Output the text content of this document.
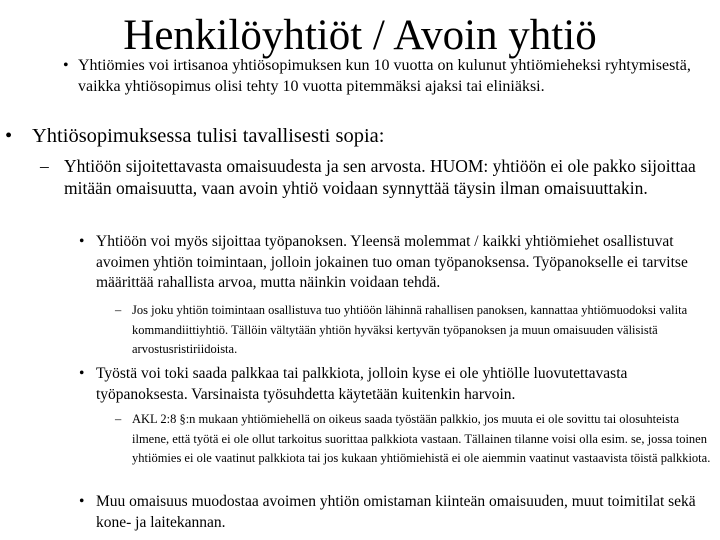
Henkilöyhtiöt / Avoin yhtiö
• Yhtiömies voi irtisanoa yhtiösopimuksen kun 10 vuotta on kulunut yhtiömieheksi ryhtymisestä, vaikka yhtiösopimus olisi tehty 10 vuotta pitemmäksi ajaksi tai eliniäksi.
• Yhtiösopimuksessa tulisi tavallisesti sopia:
– Yhtiöön sijoitettavasta omaisuudesta ja sen arvosta. HUOM: yhtiöön ei ole pakko sijoittaa mitään omaisuutta, vaan avoin yhtiö voidaan synnyttää täysin ilman omaisuuttakin.
• Yhtiöön voi myös sijoittaa työpanoksen. Yleensä molemmat / kaikki yhtiömiehet osallistuvat avoimen yhtiön toimintaan, jolloin jokainen tuo oman työpanoksensa. Työpanokselle ei tarvitse määrittää rahallista arvoa, mutta näinkin voidaan tehdä.
– Jos joku yhtiön toimintaan osallistuva tuo yhtiöön lähinnä rahallisen panoksen, kannattaa yhtiömuodoksi valita kommandiittiyhtiö. Tällöin vältytään yhtiön hyväksi kertyvän työpanoksen ja muun omaisuuden välisistä arvostusristiriidoista.
• Työstä voi toki saada palkkaa tai palkkiota, jolloin kyse ei ole yhtiölle luovutettavasta työpanoksesta. Varsinaista työsuhdetta käytetään kuitenkin harvoin.
– AKL 2:8 §:n mukaan yhtiömiehellä on oikeus saada työstään palkkio, jos muuta ei ole sovittu tai olosuhteista ilmene, että työtä ei ole ollut tarkoitus suorittaa palkkiota vastaan. Tällainen tilanne voisi olla esim. se, jossa toinen yhtiömies ei ole vaatinut palkkiota tai jos kukaan yhtiömiehistä ei ole aiemmin vaatinut vastaavista töistä palkkiota.
• Muu omaisuus muodostaa avoimen yhtiön omistaman kiinteän omaisuuden, muut toimitilat sekä kone- ja laitekannan.
